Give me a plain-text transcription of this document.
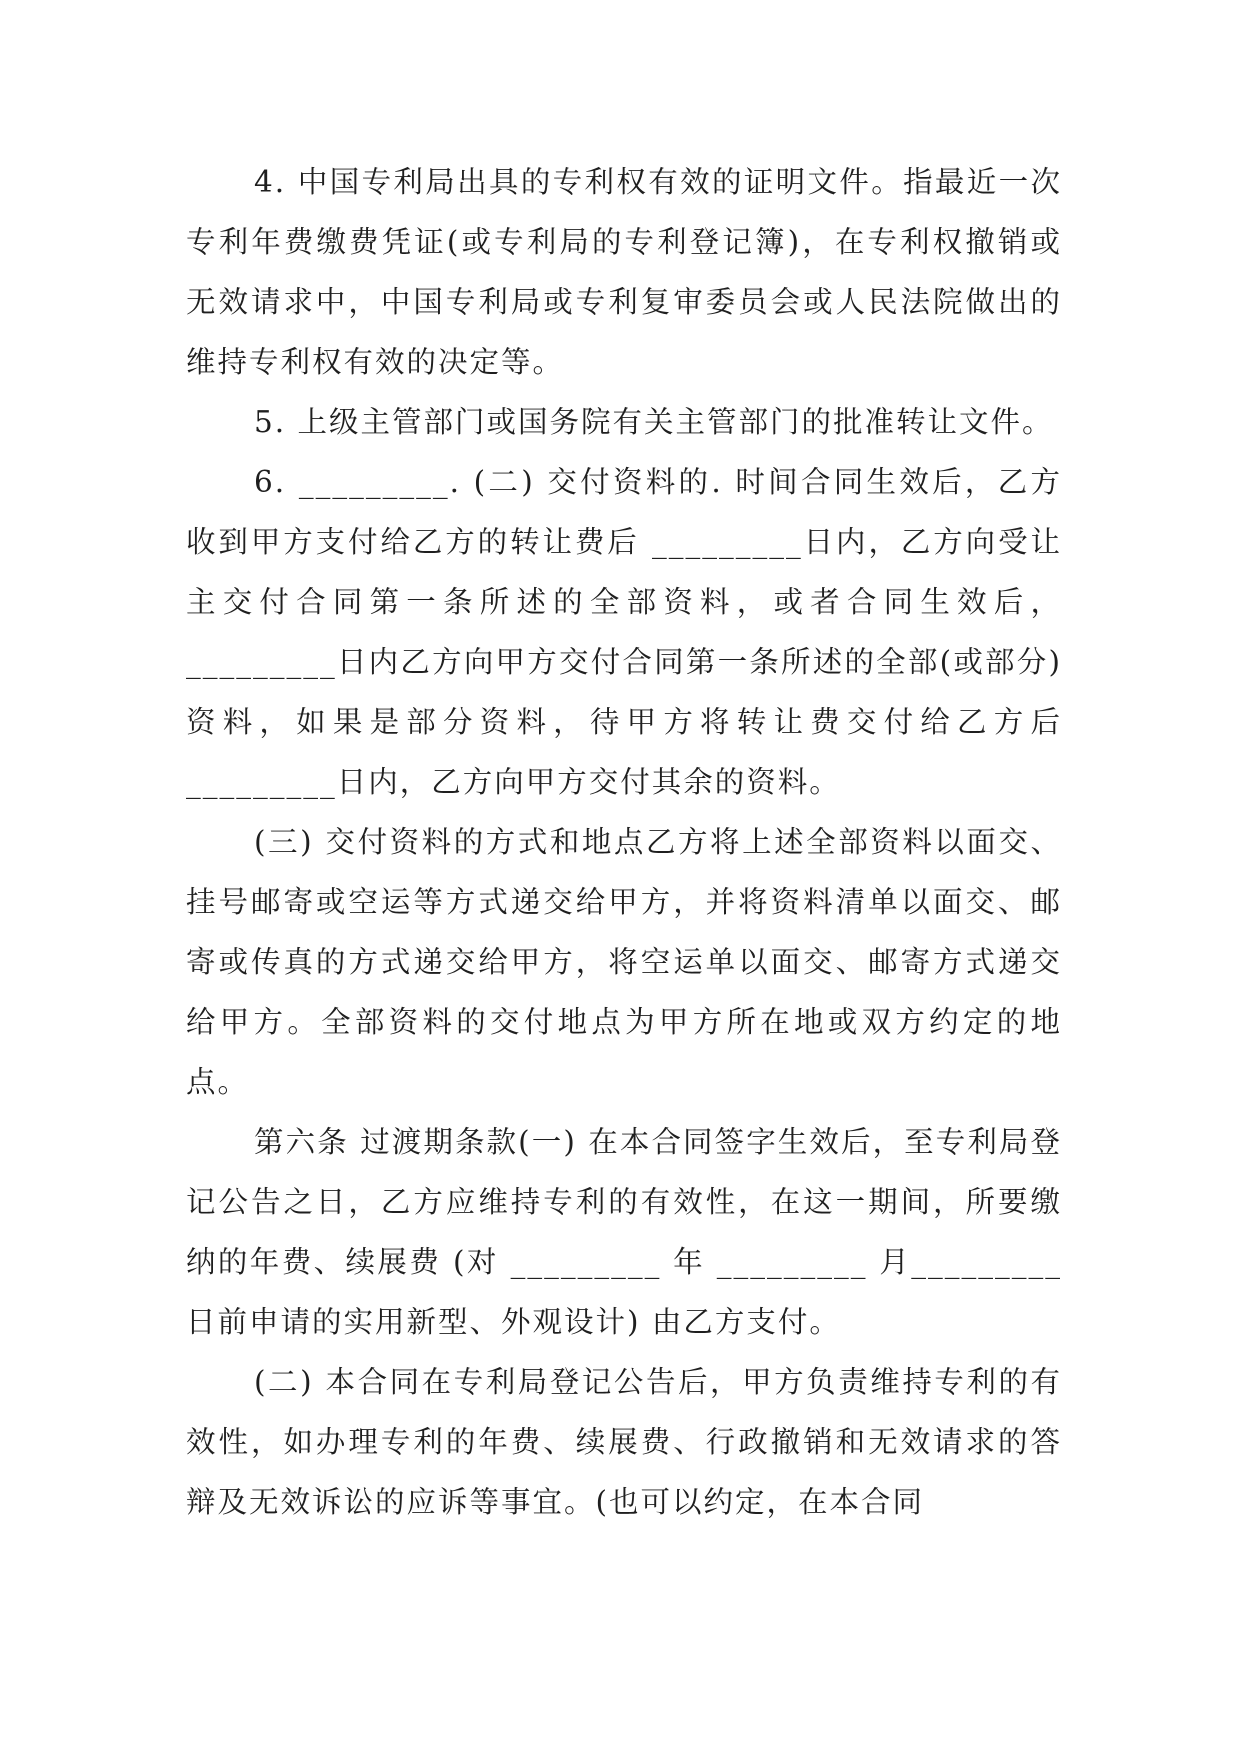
4. 中国专利局出具的专利权有效的证明文件。指最近一次专利年费缴费凭证(或专利局的专利登记簿)，在专利权撤销或无效请求中，中国专利局或专利复审委员会或人民法院做出的维持专利权有效的决定等。

5. 上级主管部门或国务院有关主管部门的批准转让文件。

6. _________. (二) 交付资料的. 时间合同生效后，乙方收到甲方支付给乙方的转让费后 _________日内，乙方向受让主交付合同第一条所述的全部资料，或者合同生效后，_________日内乙方向甲方交付合同第一条所述的全部(或部分) 资料，如果是部分资料，待甲方将转让费交付给乙方后_________日内，乙方向甲方交付其余的资料。

(三) 交付资料的方式和地点乙方将上述全部资料以面交、挂号邮寄或空运等方式递交给甲方，并将资料清单以面交、邮寄或传真的方式递交给甲方，将空运单以面交、邮寄方式递交给甲方。全部资料的交付地点为甲方所在地或双方约定的地点。

第六条 过渡期条款(一) 在本合同签字生效后，至专利局登记公告之日，乙方应维持专利的有效性，在这一期间，所要缴纳的年费、续展费 (对 _________ 年 _________ 月_________日前申请的实用新型、外观设计) 由乙方支付。

(二) 本合同在专利局登记公告后，甲方负责维持专利的有效性，如办理专利的年费、续展费、行政撤销和无效请求的答辩及无效诉讼的应诉等事宜。(也可以约定，在本合同
